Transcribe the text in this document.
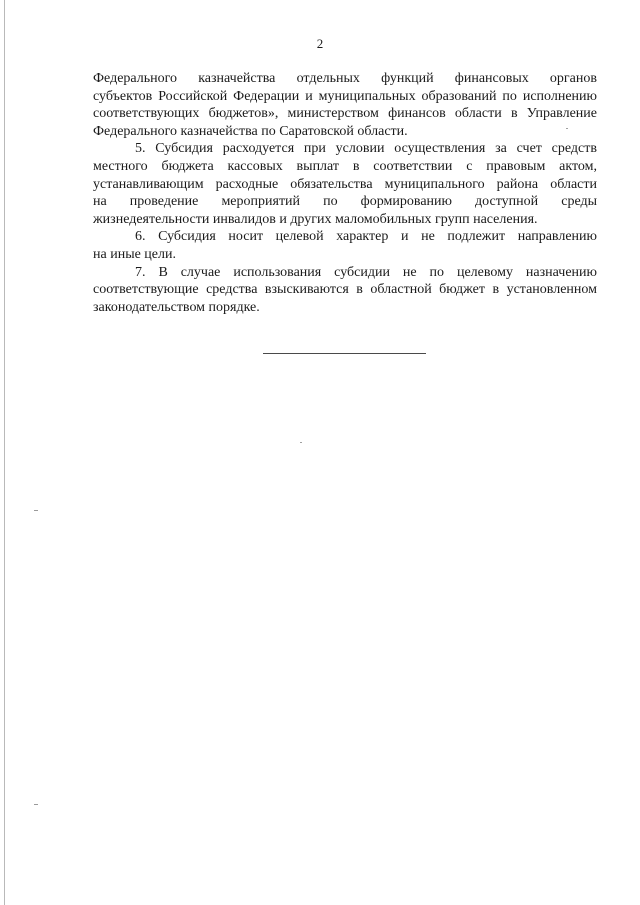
2

Федерального казначейства отдельных функций финансовых органов
субъектов Российской Федерации и муниципальных образований по исполнению
соответствующих бюджетов», министерством финансов области в Управление
Федерального казначейства по Саратовской области.

5. Субсидия расходуется при условии осуществления за счет средств
местного бюджета кассовых выплат в соответствии с правовым актом,
устанавливающим расходные обязательства муниципального района области
на проведение мероприятий по формированию доступной среды
жизнедеятельности инвалидов и других маломобильных групп населения.

6. Субсидия носит целевой характер и не подлежит направлению
на иные цели.

7. В случае использования субсидии не по целевому назначению
соответствующие средства взыскиваются в областной бюджет в установленном
законодательством порядке.
